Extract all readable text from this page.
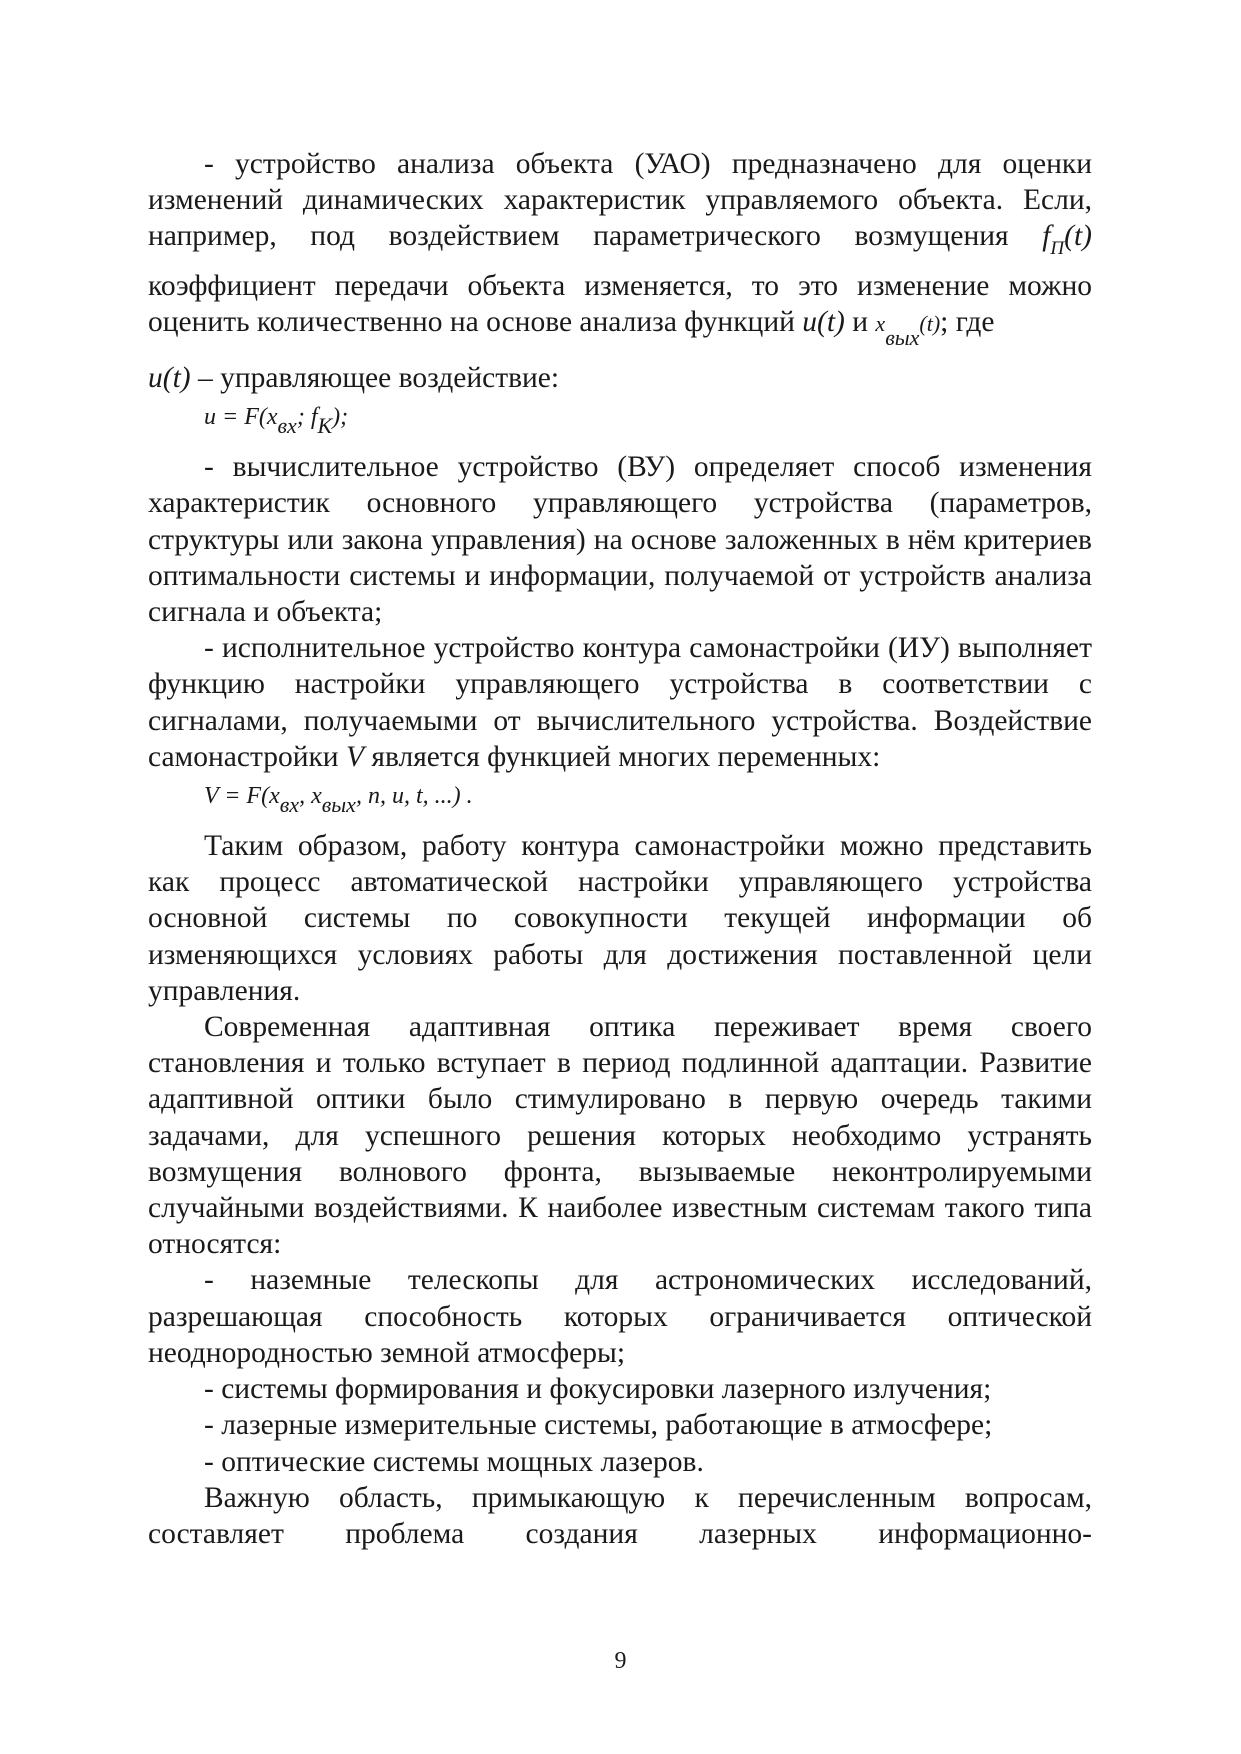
- устройство анализа объекта (УАО) предназначено для оценки изменений динамических характеристик управляемого объекта. Если, например, под воздействием параметрического возмущения $f_П(t)$ коэффициент передачи объекта изменяется, то это изменение можно оценить количественно на основе анализа функций u(t) и xвых(t); где

u(t) – управляющее воздействие:

u = F(xвх; fК);

- вычислительное устройство (ВУ) определяет способ изменения характеристик основного управляющего устройства (параметров, структуры или закона управления) на основе заложенных в нём критериев оптимальности системы и информации, получаемой от устройств анализа сигнала и объекта;

- исполнительное устройство контура самонастройки (ИУ) выполняет функцию настройки управляющего устройства в соответствии с сигналами, получаемыми от вычислительного устройства. Воздействие самонастройки V является функцией многих переменных:

V = F(xвх, xвых, n, u, t, ...) .

Таким образом, работу контура самонастройки можно представить как процесс автоматической настройки управляющего устройства основной системы по совокупности текущей информации об изменяющихся условиях работы для достижения поставленной цели управления.

Современная адаптивная оптика переживает время своего становления и только вступает в период подлинной адаптации. Развитие адаптивной оптики было стимулировано в первую очередь такими задачами, для успешного решения которых необходимо устранять возмущения волнового фронта, вызываемые неконтролируемыми случайными воздействиями. К наиболее известным системам такого типа относятся:

- наземные телескопы для астрономических исследований, разрешающая способность которых ограничивается оптической неоднородностью земной атмосферы;

- системы формирования и фокусировки лазерного излучения;

- лазерные измерительные системы, работающие в атмосфере;

- оптические системы мощных лазеров.

Важную область, примыкающую к перечисленным вопросам, составляет проблема создания лазерных информационно-

9
